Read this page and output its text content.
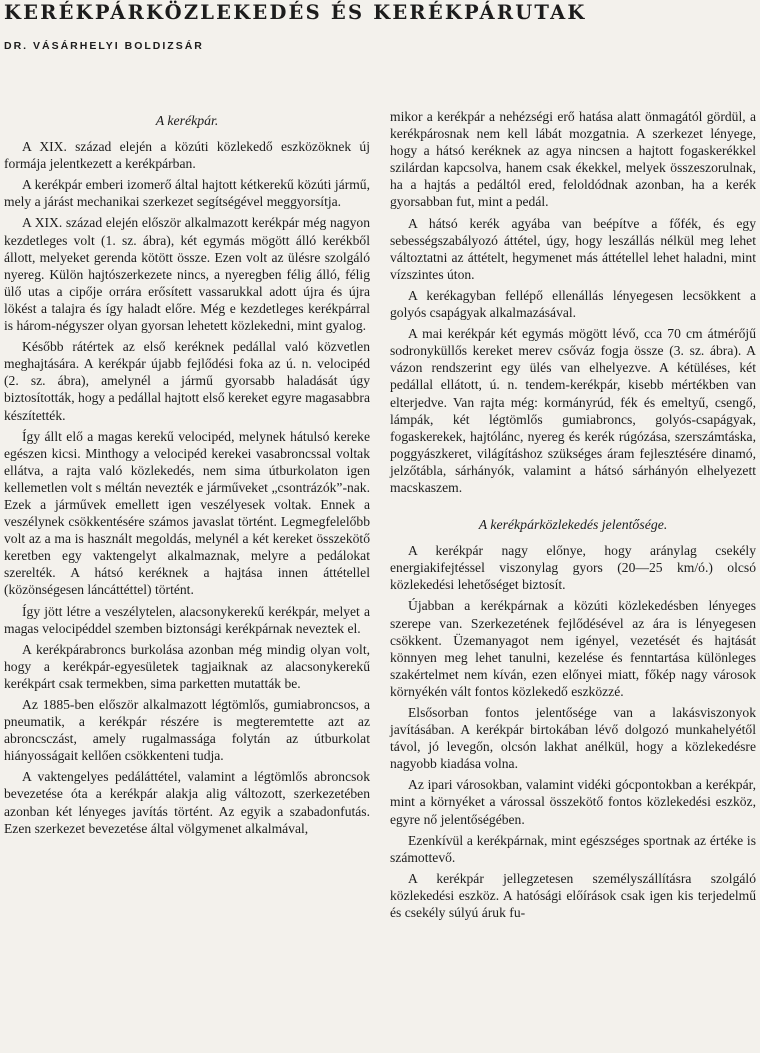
KERÉKPÁRKÖZLEKEDÉS ÉS KERÉKPÁRUTAK
DR. VÁSÁRHELYI BOLDIZSÁR
A kerékpár.

A XIX. század elején a közúti közlekedő eszközöknek új formája jelentkezett a kerékpárban.

A kerékpár emberi izomerő által hajtott kétkerekű közúti jármű, mely a járást mechanikai szerkezet segítségével meggyorsítja.

A XIX. század elején először alkalmazott kerékpár még nagyon kezdetleges volt (1. sz. ábra), két egymás mögött álló kerékből állott, melyeket gerenda kötött össze. Ezen volt az ülésre szolgáló nyereg. Külön hajtószerkezete nincs, a nyeregben félig álló, félig ülő utas a cipője orrára erősített vassarukkal adott újra és újra lökést a talajra és így haladt előre. Még e kezdetleges kerékpárral is három-négyszer olyan gyorsan lehetett közlekedni, mint gyalog.

Később rátértek az első keréknek pedállal való közvetlen meghajtására. A kerékpár újabb fejlődési foka az ú. n. velocipéd (2. sz. ábra), amelynél a jármű gyorsabb haladását úgy biztosították, hogy a pedállal hajtott első kereket egyre magasabbra készítették.

Így állt elő a magas kerekű velocipéd, melynek hátulsó kereke egészen kicsi. Minthogy a velocipéd kerekei vasabroncssal voltak ellátva, a rajta való közlekedés, nem sima útburkolaton igen kellemetlen volt s méltán nevezték e járműveket „csontrázók”-nak. Ezek a járművek emellett igen veszélyesek voltak. Ennek a veszélynek csökkentésére számos javaslat történt. Legmegfelelőbb volt az a ma is használt megoldás, melynél a két kereket összekötő keretben egy vaktengelyt alkalmaznak, melyre a pedálokat szerelték. A hátsó keréknek a hajtása innen áttétellel (közönségesen láncáttéttel) történt.

Így jött létre a veszélytelen, alacsonykerekű kerékpár, melyet a magas velocipéddel szemben biztonsági kerékpárnak neveztek el.

A kerékpárabroncs burkolása azonban még mindig olyan volt, hogy a kerékpár-egyesületek tagjaiknak az alacsonykerekű kerékpárt csak termekben, sima parketten mutatták be.

Az 1885-ben először alkalmazott légtömlős, gumiabroncsos, a pneumatik, a kerékpár részére is megteremtette azt az abroncsczást, amely rugalmassága folytán az útburkolat hiányosságait kellően csökkenteni tudja.

A vaktengelyes pedáláttétel, valamint a légtömlős abroncsok bevezetése óta a kerékpár alakja alig változott, szerkezetében azonban két lényeges javítás történt. Az egyik a szabadonfutás. Ezen szerkezet bevezetése által völgymenet alkalmával,

mikor a kerékpár a nehézségi erő hatása alatt önmagától gördül, a kerékpárosnak nem kell lábát mozgatnia. A szerkezet lényege, hogy a hátsó keréknek az agya nincsen a hajtott fogaskerékkel szilárdan kapcsolva, hanem csak ékekkel, melyek összeszorulnak, ha a hajtás a pedáltól ered, feloldódnak azonban, ha a kerék gyorsabban fut, mint a pedál.

A hátsó kerék agyába van beépítve a főfék, és egy sebességszabályozó áttétel, úgy, hogy leszállás nélkül meg lehet változtatni az áttételt, hegymenet más áttétellel lehet haladni, mint vízszintes úton.

A kerékagyban fellépő ellenállás lényegesen lecsökkent a golyós csapágyak alkalmazásával.

A mai kerékpár két egymás mögött lévő, cca 70 cm átmérőjű sodronyküllős kereket merev csőváz fogja össze (3. sz. ábra). A vázon rendszerint egy ülés van elhelyezve. A kétüléses, két pedállal ellátott, ú. n. tendem-kerékpár, kisebb mértékben van elterjedve. Van rajta még: kormányrúd, fék és emeltyű, csengő, lámpák, két légtömlős gumiabroncs, golyós-csapágyak, fogaskerekek, hajtólánc, nyereg és kerék rúgózása, szerszámtáska, poggyászkeret, világításhoz szükséges áram fejlesztésére dinamó, jelzőtábla, sárhányók, valamint a hátsó sárhányón elhelyezett macskaszem.

A kerékpárközlekedés jelentősége.

A kerékpár nagy előnye, hogy aránylag csekély energiakifejtéssel viszonylag gyors (20—25 km/ó.) olcsó közlekedési lehetőséget biztosít.

Újabban a kerékpárnak a közúti közlekedésben lényeges szerepe van. Szerkezetének fejlődésével az ára is lényegesen csökkent. Üzemanyagot nem igényel, vezetését és hajtását könnyen meg lehet tanulni, kezelése és fenntartása különleges szakértelmet nem kíván, ezen előnyei miatt, főkép nagy városok környékén vált fontos közlekedő eszközzé.

Elsősorban fontos jelentősége van a lakásviszonyok javításában. A kerékpár birtokában lévő dolgozó munkahelyétől távol, jó levegőn, olcsón lakhat anélkül, hogy a közlekedésre nagyobb kiadása volna.

Az ipari városokban, valamint vidéki gócpontokban a kerékpár, mint a környéket a várossal összekötő fontos közlekedési eszköz, egyre nő jelentőségében.

Ezenkívül a kerékpárnak, mint egészséges sportnak az értéke is számottevő.

A kerékpár jellegzetesen személyszállításra szolgáló közlekedési eszköz. A hatósági előírások csak igen kis terjedelmű és csekély súlyú áruk fu-
